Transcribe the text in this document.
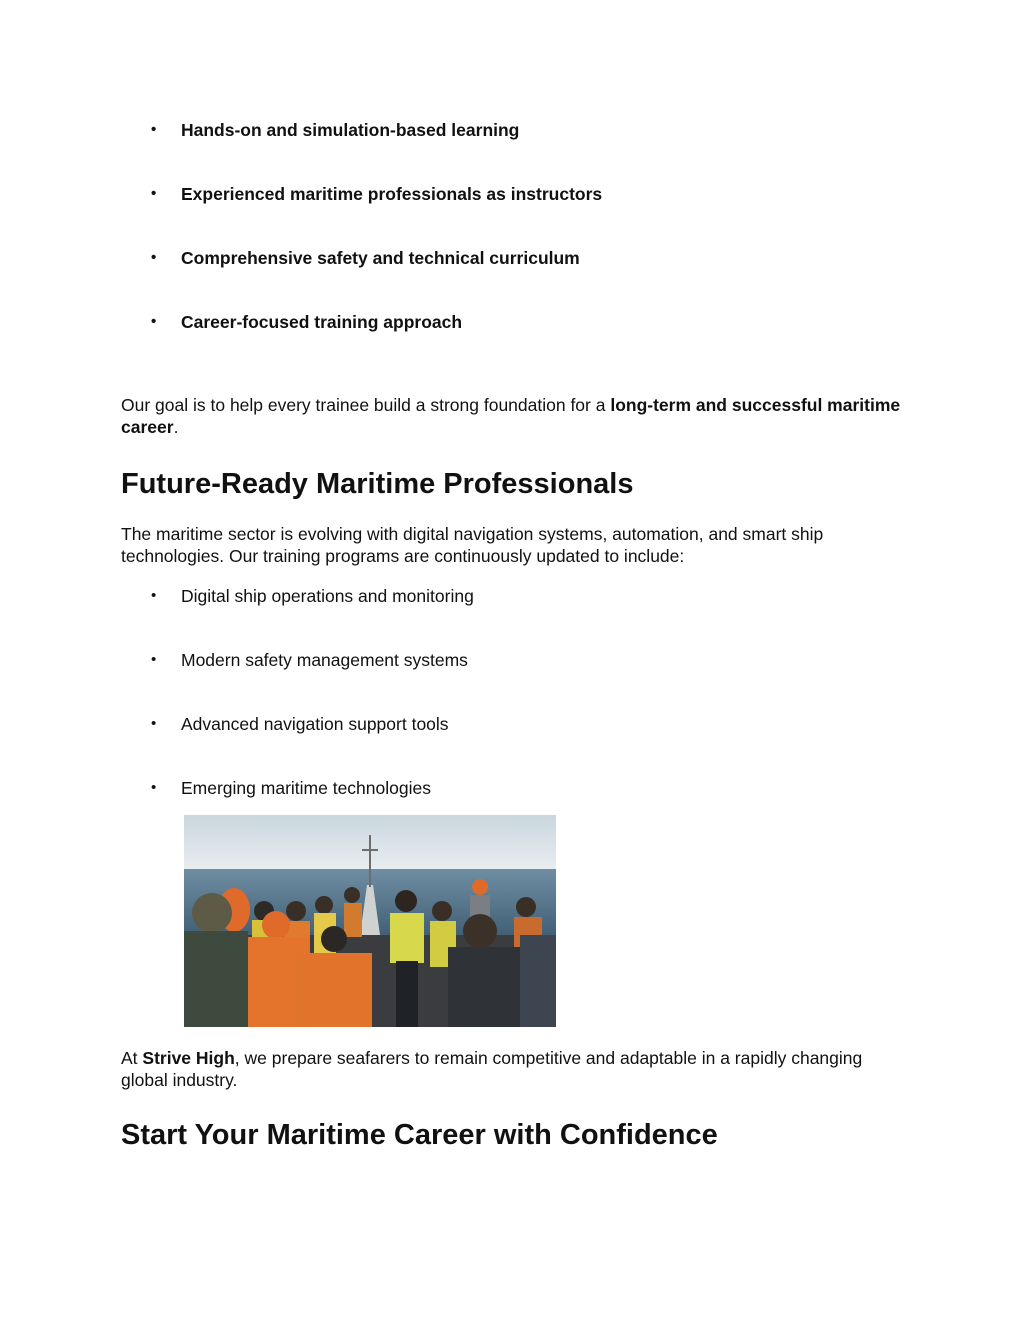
• Hands-on and simulation-based learning
• Experienced maritime professionals as instructors
• Comprehensive safety and technical curriculum
• Career-focused training approach

Our goal is to help every trainee build a strong foundation for a long-term and successful maritime career.

Future-Ready Maritime Professionals

The maritime sector is evolving with digital navigation systems, automation, and smart ship technologies. Our training programs are continuously updated to include:

• Digital ship operations and monitoring
• Modern safety management systems
• Advanced navigation support tools
• Emerging maritime technologies

At Strive High, we prepare seafarers to remain competitive and adaptable in a rapidly changing global industry.

Start Your Maritime Career with Confidence
